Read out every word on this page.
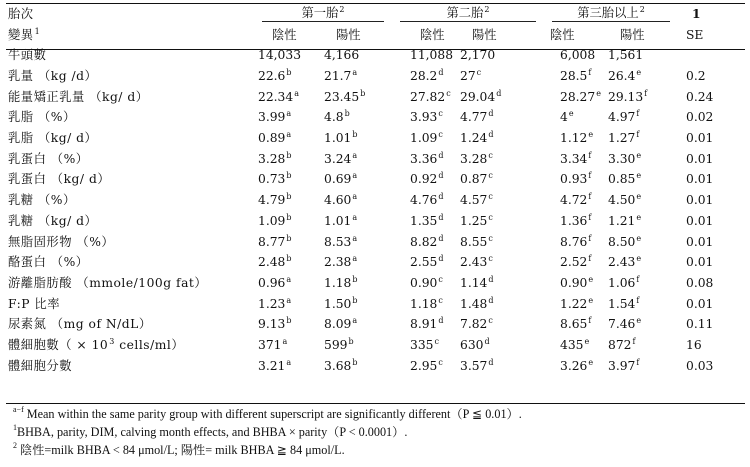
胎次	第一胎$^2$		第二胎$^2$		第三胎以上$^2$		1
變異$^1$	陰性	陽性	陰性	陽性	陰性	陽性	SE
牛頭數	14,033	4,166	11,088	2,170	6,008	1,561	
乳量 （kg /d）	22.6$^b$	21.7$^a$	28.2$^d$	27$^c$	28.5$^f$	26.4e	0.2
能量矯正乳量 （kg/ d）	22.34$^a$	23.45$^b$	27.82$^c$	29.04$^d$	28.27e	29.13$^f$	0.24
乳脂 （%）	3.99$^a$	4.8$^b$	3.93$^c$	4.77$^d$	4e	4.97$^f$	0.02
乳脂 （kg/ d）	0.89$^a$	1.01$^b$	1.09$^c$	1.24$^d$	1.12e	1.27$^f$	0.01
乳蛋白 （%）	3.28$^b$	3.24$^a$	3.36$^d$	3.28$^c$	3.34$^f$	3.30e	0.01
乳蛋白 （kg/ d）	0.73$^b$	0.69$^a$	0.92$^d$	0.87$^c$	0.93$^f$	0.85e	0.01
乳糖 （%）	4.79$^b$	4.60$^a$	4.76$^d$	4.57$^c$	4.72$^f$	4.50e	0.01
乳糖 （kg/ d）	1.09$^b$	1.01$^a$	1.35$^d$	1.25$^c$	1.36$^f$	1.21e	0.01
無脂固形物 （%）	8.77$^b$	8.53$^a$	8.82$^d$	8.55$^c$	8.76$^f$	8.50e	0.01
酪蛋白 （%）	2.48$^b$	2.38$^a$	2.55$^d$	2.43$^c$	2.52$^f$	2.43e	0.01
游離脂肪酸 （mmole/100g fat）	0.96$^a$	1.18$^b$	0.90$^c$	1.14$^d$	0.90e	1.06$^f$	0.08
F:P 比率	1.23$^a$	1.50$^b$	1.18$^c$	1.48$^d$	1.22e	1.54$^f$	0.01
尿素氮 （mg of N/dL）	9.13$^b$	8.09$^a$	8.91$^d$	7.82$^c$	8.65$^f$	7.46e	0.11
體細胞數（ × $10^3$ cells/ml）	371$^a$	599$^b$	335$^c$	630$^d$	435e	872$^f$	16
體細胞分數	3.21$^a$	3.68$^b$	2.95$^c$	3.57$^d$	3.26e	3.97$^f$	0.03
$^{a-f}$ Mean within the same parity group with different superscript are significantly different（P ≦ 0.01）.
$^1$BHBA, parity, DIM, calving month effects, and BHBA × parity（P < 0.0001）.
$^2$ 陰性=milk BHBA < 84 μmol/L; 陽性= milk BHBA ≧ 84 μmol/L.
